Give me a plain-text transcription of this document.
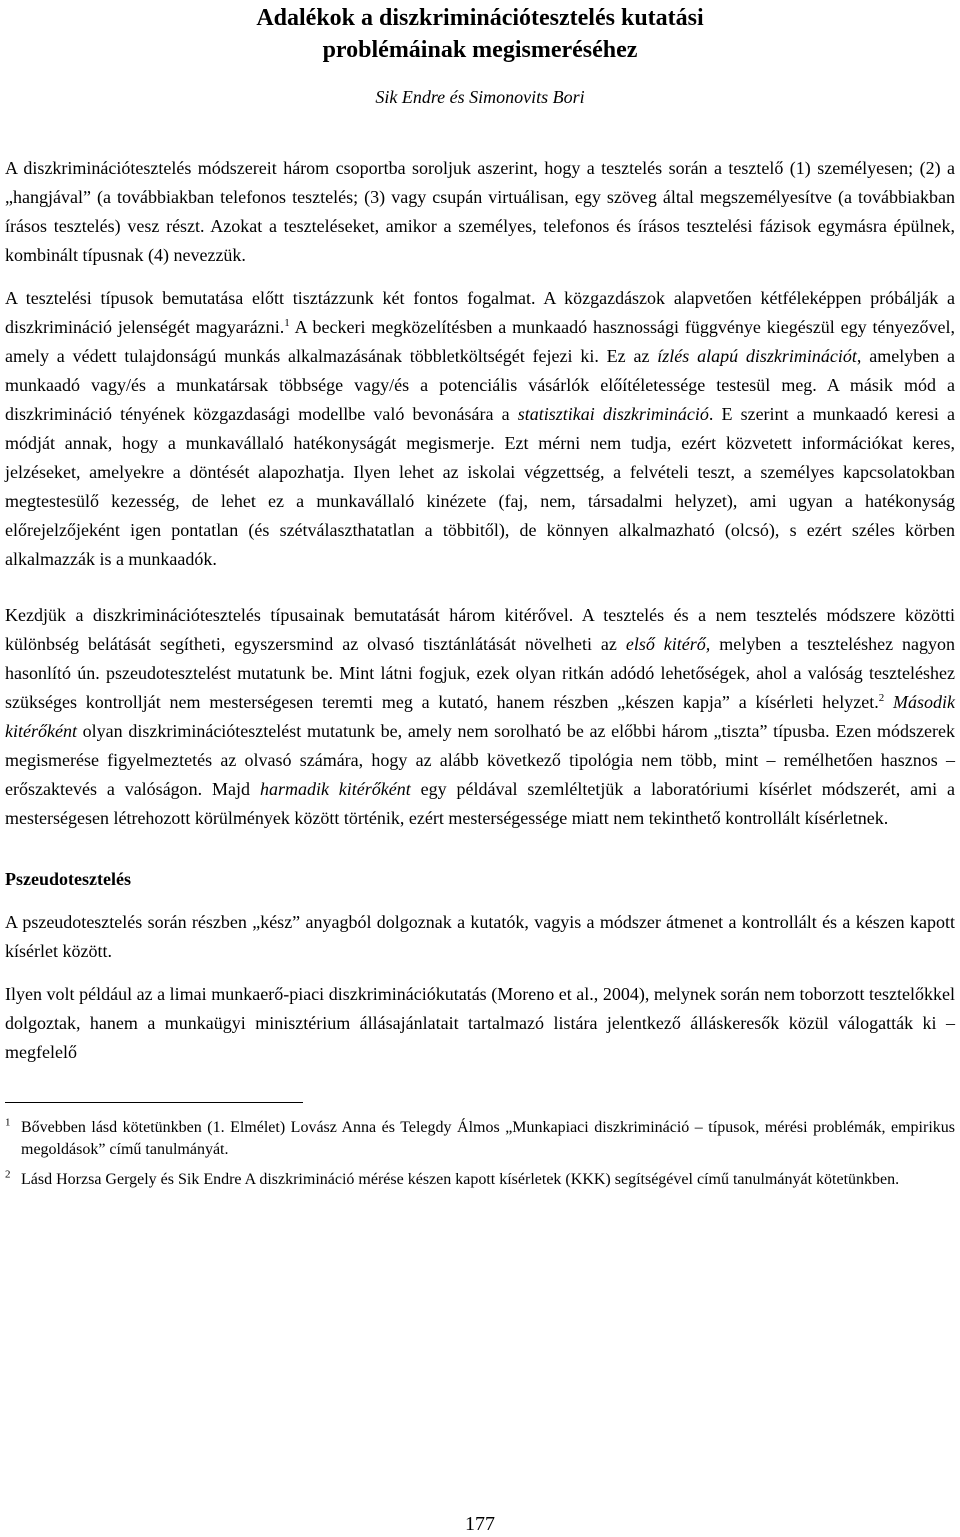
Adalékok a diszkriminációtesztelés kutatási
problémáinak megismeréséhez
Sik Endre és Simonovits Bori

A diszkriminációtesztelés módszereit három csoportba soroljuk aszerint, hogy a tesztelés során a tesztelő (1) személyesen; (2) a „hangjával” (a továbbiakban telefonos tesztelés; (3) vagy csupán virtuálisan, egy szöveg által megszemélyesítve (a továbbiakban írásos tesztelés) vesz részt. Azokat a teszteléseket, amikor a személyes, telefonos és írásos tesztelési fázisok egymásra épülnek, kombinált típusnak (4) nevezzük.

A tesztelési típusok bemutatása előtt tisztázzunk két fontos fogalmat. A közgazdászok alapvetően kétféleképpen próbálják a diszkrimináció jelenségét magyarázni.$^1$ A beckeri megközelítésben a munkaadó hasznossági függvénye kiegészül egy tényezővel, amely a védett tulajdonságú munkás alkalmazásának többletköltségét fejezi ki. Ez az ízlés alapú diszkriminációt, amelyben a munkaadó vagy/és a munkatársak többsége vagy/és a potenciális vásárlók előítéletessége testesül meg. A másik mód a diszkrimináció tényének közgazdasági modellbe való bevonására a statisztikai diszkrimináció. E szerint a munkaadó keresi a módját annak, hogy a munkavállaló hatékonyságát megismerje. Ezt mérni nem tudja, ezért közvetett információkat keres, jelzéseket, amelyekre a döntését alapozhatja. Ilyen lehet az iskolai végzettség, a felvételi teszt, a személyes kapcsolatokban megtestesülő kezesség, de lehet ez a munkavállaló kinézete (faj, nem, társadalmi helyzet), ami ugyan a hatékonyság előrejelzőjeként igen pontatlan (és szétválaszthatatlan a többitől), de könnyen alkalmazható (olcsó), s ezért széles körben alkalmazzák is a munkaadók.

Kezdjük a diszkriminációtesztelés típusainak bemutatását három kitérővel. A tesztelés és a nem tesztelés módszere közötti különbség belátását segítheti, egyszersmind az olvasó tisztánlátását növelheti az első kitérő, melyben a teszteléshez nagyon hasonlító ún. pszeudotesztelést mutatunk be. Mint látni fogjuk, ezek olyan ritkán adódó lehetőségek, ahol a valóság teszteléshez szükséges kontrollját nem mesterségesen teremti meg a kutató, hanem részben „készen kapja” a kísérleti helyzet.$^2$ Második kitérőként olyan diszkriminációtesztelést mutatunk be, amely nem sorolható be az előbbi három „tiszta” típusba. Ezen módszerek megismerése figyelmeztetés az olvasó számára, hogy az alább következő tipológia nem több, mint – remélhetően hasznos – erőszaktevés a valóságon. Majd harmadik kitérőként egy példával szemléltetjük a laboratóriumi kísérlet módszerét, ami a mesterségesen létrehozott körülmények között történik, ezért mesterségessége miatt nem tekinthető kontrollált kísérletnek.

Pszeudotesztelés

A pszeudotesztelés során részben „kész” anyagból dolgoznak a kutatók, vagyis a módszer átmenet a kontrollált és a készen kapott kísérlet között.

Ilyen volt például az a limai munkaerő-piaci diszkriminációkutatás (Moreno et al., 2004), melynek során nem toborzott tesztelőkkel dolgoztak, hanem a munkaügyi minisztérium állásajánlatait tartalmazó listára jelentkező álláskeresők közül válogatták ki – megfelelő

$^1$ Bővebben lásd kötetünkben (1. Elmélet) Lovász Anna és Telegdy Álmos „Munkapiaci diszkrimináció – típusok, mérési problémák, empirikus megoldások” című tanulmányát.

$^2$ Lásd Horzsa Gergely és Sik Endre A diszkrimináció mérése készen kapott kísérletek (KKK) segítségével című tanulmányát kötetünkben.

177
